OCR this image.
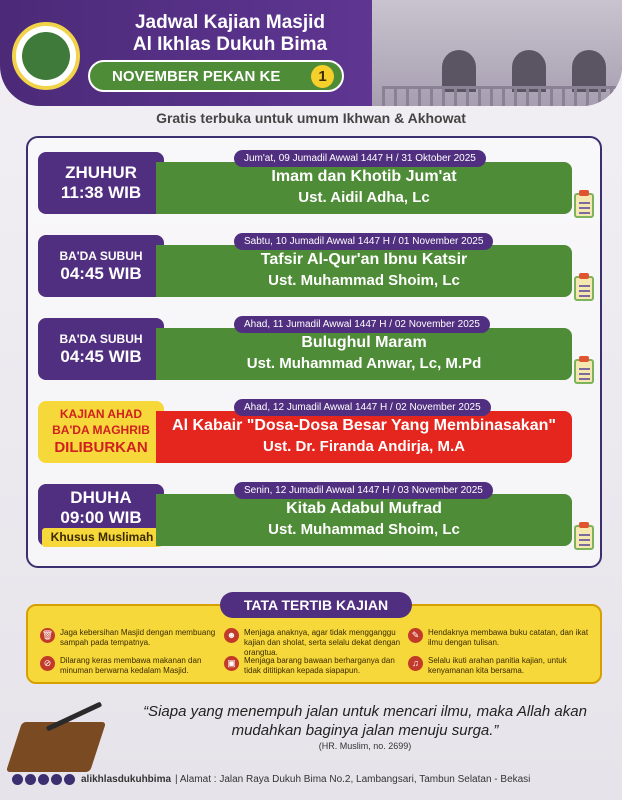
Jadwal Kajian Masjid
Al Ikhlas Dukuh Bima
NOVEMBER PEKAN KE	1
Gratis terbuka untuk umum Ikhwan & Akhowat
ZHUHUR
11:38 WIB
Imam dan Khotib Jum'at
Ust. Aidil Adha, Lc
Jum'at, 09 Jumadil Awwal 1447 H / 31 Oktober 2025
BA'DA SUBUH
04:45 WIB
Tafsir Al-Qur'an Ibnu Katsir
Ust. Muhammad Shoim, Lc
Sabtu, 10 Jumadil Awwal 1447 H / 01 November 2025
BA'DA SUBUH
04:45 WIB
Bulughul Maram
Ust. Muhammad Anwar, Lc, M.Pd
Ahad, 11 Jumadil Awwal 1447 H / 02 November 2025
KAJIAN AHAD
BA'DA MAGHRIB
DILIBURKAN
Al Kabair "Dosa-Dosa Besar Yang Membinasakan"
Ust. Dr. Firanda Andirja, M.A
Ahad, 12 Jumadil Awwal 1447 H / 02 November 2025
DHUHA
09:00 WIB
Khusus Muslimah
Kitab Adabul Mufrad
Ust. Muhammad Shoim, Lc
Senin, 12 Jumadil Awwal 1447 H / 03 November 2025
TATA TERTIB KAJIAN
🗑 Jaga kebersihan Masjid dengan membuang sampah pada tempatnya.
☻ Menjaga anaknya, agar tidak mengganggu kajian dan sholat, serta selalu dekat dengan orangtua.
✎	Hendaknya membawa buku catatan, dan ikat ilmu dengan tulisan.
⊘	Dilarang keras membawa makanan dan minuman berwarna kedalam Masjid.
▣	Menjaga barang bawaan berharganya dan tidak dititipkan kepada siapapun.
♫	Selalu ikuti arahan panitia kajian, untuk kenyamanan kita bersama.
“Siapa yang menempuh jalan untuk mencari ilmu, maka Allah akan mudahkan baginya jalan menuju surga.”
(HR. Muslim, no. 2699)
alikhlasdukuhbima | Alamat : Jalan Raya Dukuh Bima No.2, Lambangsari, Tambun Selatan - Bekasi
